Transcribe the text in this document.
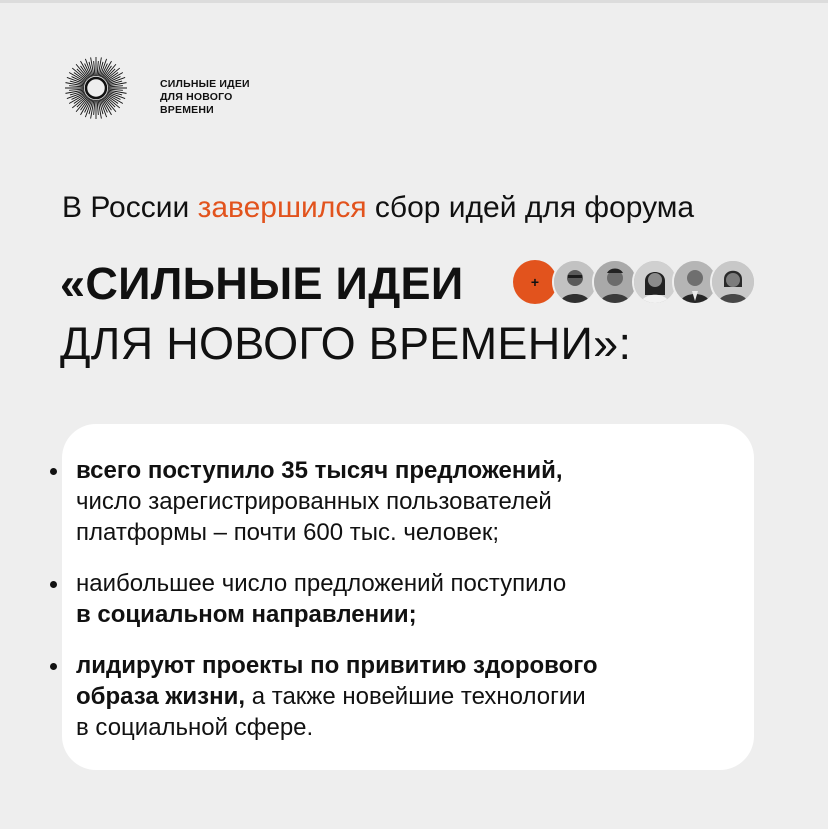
СИЛЬНЫЕ ИДЕИ
ДЛЯ НОВОГО
ВРЕМЕНИ
В России завершился сбор идей для форума
«СИЛЬНЫЕ ИДЕИ
ДЛЯ НОВОГО ВРЕМЕНИ»:
+
всего поступило 35 тысяч предложений,
число зарегистрированных пользователей
платформы – почти 600 тыс. человек;
наибольшее число предложений поступило
в социальном направлении;
лидируют проекты по привитию здорового
образа жизни, а также новейшие технологии
в социальной сфере.
